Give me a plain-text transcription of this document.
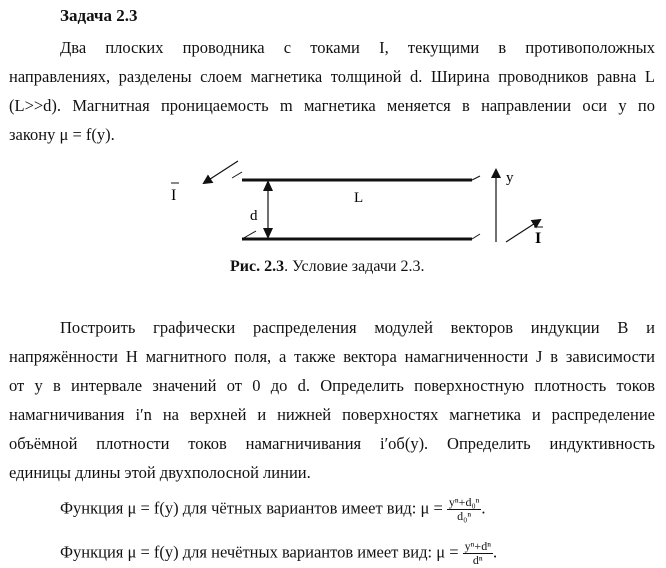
Задача 2.3

Два плоских проводника с токами I, текущими в противоположных
направлениях, разделены слоем магнетика толщиной d. Ширина проводников равна L
(L>>d). Магнитная проницаемость m магнетика меняется в направлении оси y по
закону μ = f(y).

d
L
y
I
I

Рис. 2.3. Условие задачи 2.3.

Построить графически распределения модулей векторов индукции B и
напряжённости H магнитного поля, а также вектора намагниченности J в зависимости
от y в интервале значений от 0 до d. Определить поверхностную плотность токов
намагничивания i′n на верхней и нижней поверхностях магнетика и распределение
объёмной плотности токов намагничивания i′об(y). Определить индуктивность
единицы длины этой двухполосной линии.

Функция μ = f(y) для чётных вариантов имеет вид: $\mu = \frac{\text{yⁿ+d₀ⁿ}}{\text{d₀ⁿ}}$ .

Функция μ = f(y) для нечётных вариантов имеет вид: $\mu = \frac{\text{yⁿ+dⁿ}}{\text{dⁿ}}$ .
